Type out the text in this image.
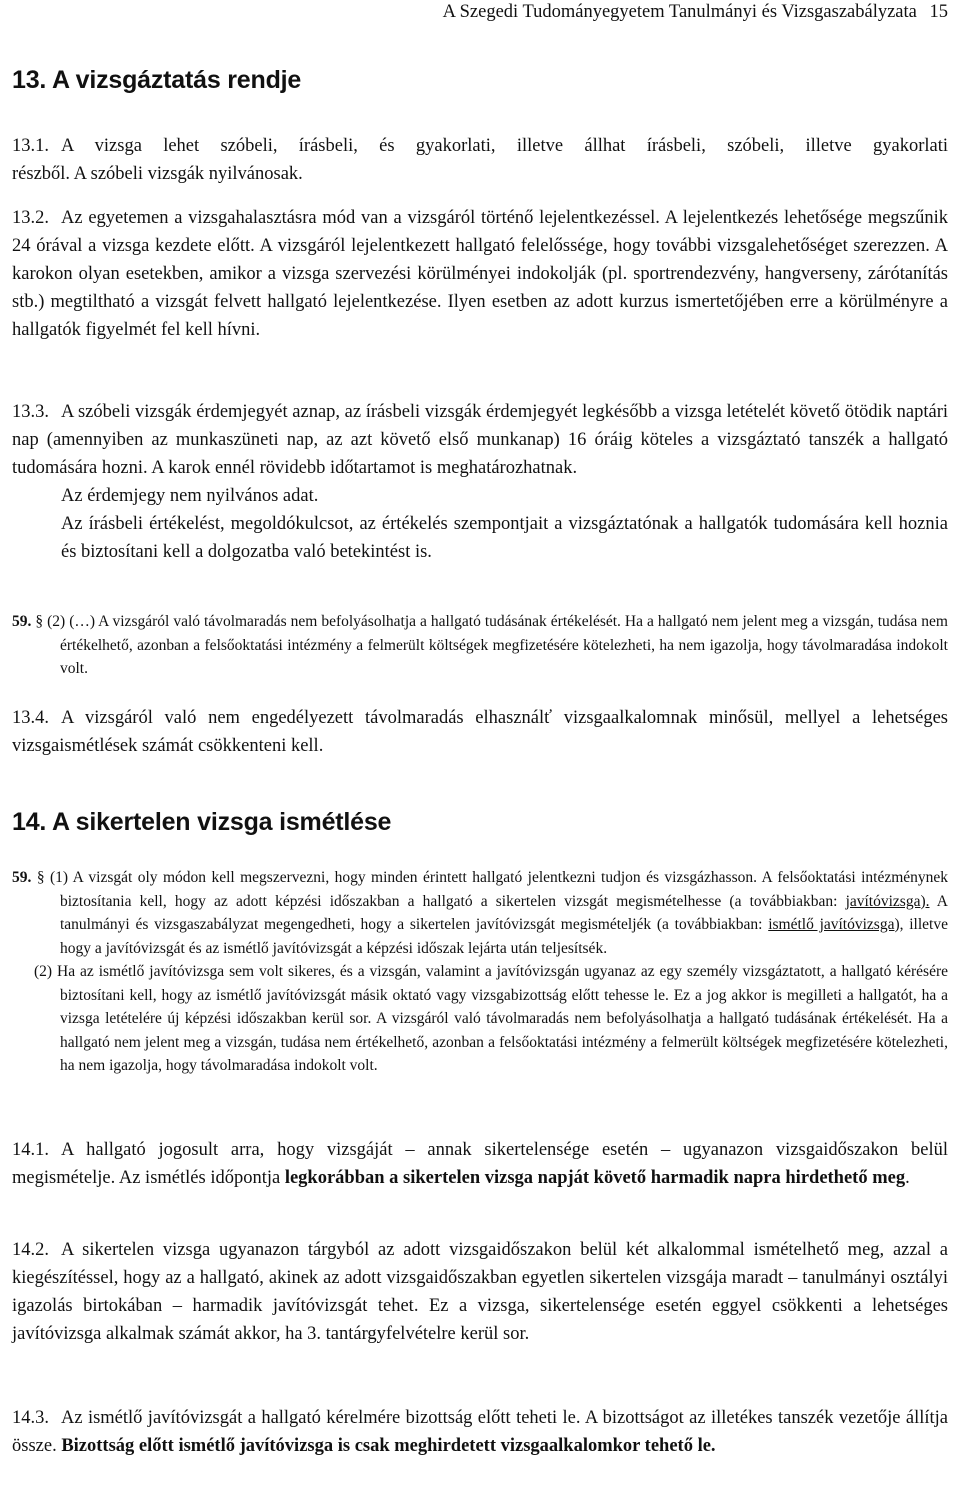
A Szegedi Tudományegyetem Tanulmányi és Vizsgaszabályzata 15
13. A vizsgáztatás rendje
13.1. A vizsga lehet szóbeli, írásbeli, és gyakorlati, illetve állhat írásbeli, szóbeli, illetve gyakorlati
részből. A szóbeli vizsgák nyilvánosak.
13.2. Az egyetemen a vizsgahalasztásra mód van a vizsgáról történő lejelentkezéssel. A lejelentkezés lehetősége megszűnik 24 órával a vizsga kezdete előtt. A vizsgáról lejelentkezett hallgató felelőssége, hogy további vizsgalehetőséget szerezzen. A karokon olyan esetekben, amikor a vizsga szervezési körülményei indokolják (pl. sportrendezvény, hangverseny, zárótanítás stb.) megtiltható a vizsgát felvett hallgató lejelentkezése. Ilyen esetben az adott kurzus ismertetőjében erre a körülményre a hallgatók figyelmét fel kell hívni.
13.3. A szóbeli vizsgák érdemjegyét aznap, az írásbeli vizsgák érdemjegyét legkésőbb a vizsga letételét követő ötödik naptári nap (amennyiben az munkaszüneti nap, az azt követő első munkanap) 16 óráig köteles a vizsgáztató tanszék a hallgató tudomására hozni. A karok ennél rövidebb időtartamot is meghatározhatnak.
Az érdemjegy nem nyilvános adat.
Az írásbeli értékelést, megoldókulcsot, az értékelés szempontjait a vizsgáztatónak a hallgatók tudomására kell hoznia és biztosítani kell a dolgozatba való betekintést is.
59. § (2) (…) A vizsgáról való távolmaradás nem befolyásolhatja a hallgató tudásának értékelését. Ha a hallgató nem jelent meg a vizsgán, tudása nem értékelhető, azonban a felsőoktatási intézmény a felmerült költségek megfizetésére kötelezheti, ha nem igazolja, hogy távolmaradása indokolt volt.
13.4. A vizsgáról való nem engedélyezett távolmaradás elhasználť vizsgaalkalomnak minősül, mellyel a lehetséges vizsgaismétlések számát csökkenteni kell.
14. A sikertelen vizsga ismétlése
59. § (1) A vizsgát oly módon kell megszervezni, hogy minden érintett hallgató jelentkezni tudjon és vizsgázhasson. A felsőoktatási intézménynek biztosítania kell, hogy az adott képzési időszakban a hallgató a sikertelen vizsgát megismételhesse (a továbbiakban: javítóvizsga). A tanulmányi és vizsgaszabályzat megengedheti, hogy a sikertelen javítóvizsgát megismételjék (a továbbiakban: ismétlő javítóvizsga), illetve hogy a javítóvizsgát és az ismétlő javítóvizsgát a képzési időszak lejárta után teljesítsék.
(2) Ha az ismétlő javítóvizsga sem volt sikeres, és a vizsgán, valamint a javítóvizsgán ugyanaz az egy személy vizsgáztatott, a hallgató kérésére biztosítani kell, hogy az ismétlő javítóvizsgát másik oktató vagy vizsgabizottság előtt tehesse le. Ez a jog akkor is megilleti a hallgatót, ha a vizsga letételére új képzési időszakban kerül sor. A vizsgáról való távolmaradás nem befolyásolhatja a hallgató tudásának értékelését. Ha a hallgató nem jelent meg a vizsgán, tudása nem értékelhető, azonban a felsőoktatási intézmény a felmerült költségek megfizetésére kötelezheti, ha nem igazolja, hogy távolmaradása indokolt volt.
14.1. A hallgató jogosult arra, hogy vizsgáját – annak sikertelensége esetén – ugyanazon vizsgaidőszakon belül megismételje. Az ismétlés időpontja legkorábban a sikertelen vizsga napját követő harmadik napra hirdethető meg.
14.2. A sikertelen vizsga ugyanazon tárgyból az adott vizsgaidőszakon belül két alkalommal ismételhető meg, azzal a kiegészítéssel, hogy az a hallgató, akinek az adott vizsgaidőszakban egyetlen sikertelen vizsgája maradt – tanulmányi osztályi igazolás birtokában – harmadik javítóvizsgát tehet. Ez a vizsga, sikertelensége esetén eggyel csökkenti a lehetséges javítóvizsga alkalmak számát akkor, ha 3. tantárgyfelvételre kerül sor.
14.3. Az ismétlő javítóvizsgát a hallgató kérelmére bizottság előtt teheti le. A bizottságot az illetékes tanszék vezetője állítja össze. Bizottság előtt ismétlő javítóvizsga is csak meghirdetett vizsgaalkalomkor tehető le.
